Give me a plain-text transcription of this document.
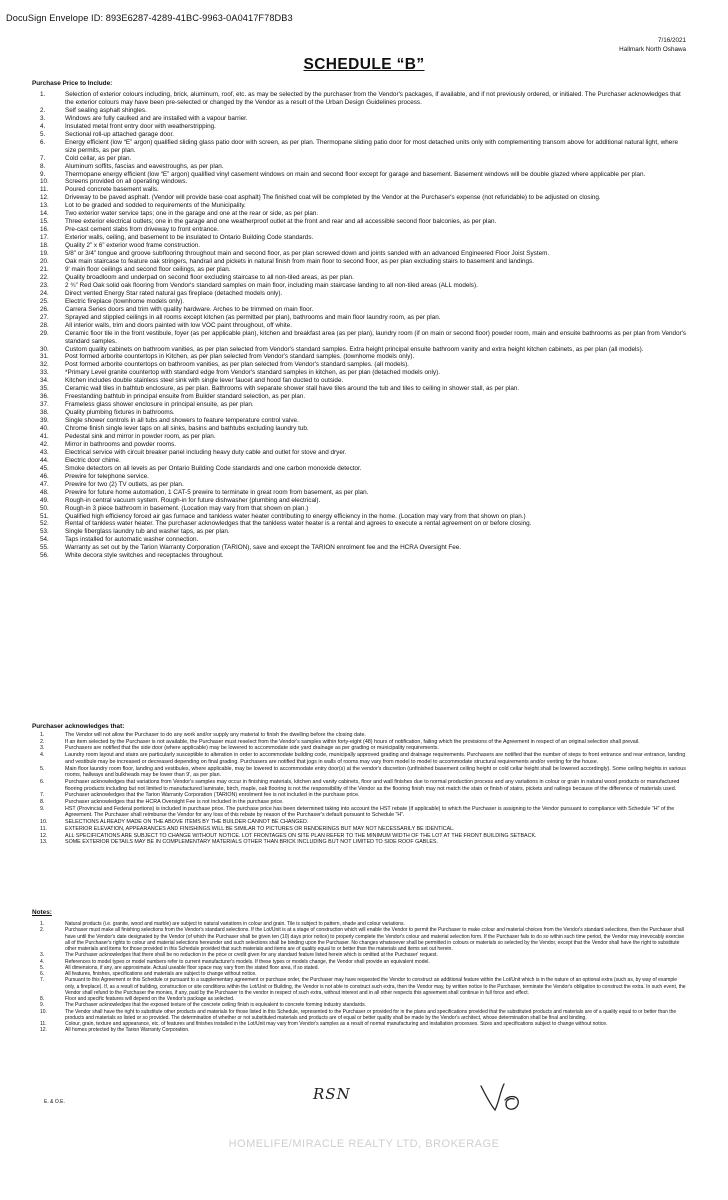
DocuSign Envelope ID: 893E6287-4289-41BC-9963-0A0417F78DB3
7/16/2021
Hallmark North Oshawa
SCHEDULE “B”
Purchase Price to Include:
1.	Selection of exterior colours including, brick, aluminum, roof, etc. as may be selected by the purchaser from the Vendor's packages, if available, and if not previously ordered, or initialed. The Purchaser acknowledges that the exterior colours may have been pre-selected or changed by the Vendor as a result of the Urban Design Guidelines process.
2.	Self sealing asphalt shingles.
3.	Windows are fully caulked and are installed with a vapour barrier.
4.	Insulated metal front entry door with weatherstripping.
5.	Sectional roll-up attached garage door.
6.	Energy efficient (low “E” argon) qualified sliding glass patio door with screen, as per plan. Thermopane sliding patio door for most detached units only with complementing transom above for additional natural light, where size permits, as per plan.
7.	Cold cellar, as per plan.
8.	Aluminum soffits, fascias and eavestroughs, as per plan.
9.	Thermopane energy efficient (low “E” argon) qualified vinyl casement windows on main and second floor except for garage and basement. Basement windows will be double glazed where applicable per plan.
10.	Screens provided on all operating windows.
11.	Poured concrete basement walls.
12.	Driveway to be paved asphalt. (Vendor will provide base coat asphalt) The finished coat will be completed by the Vendor at the Purchaser's expense (not refundable) to be adjusted on closing.
13.	Lot to be graded and sodded to requirements of the Municipality.
14.	Two exterior water service taps; one in the garage and one at the rear or side, as per plan.
15.	Three exterior electrical outlets; one in the garage and one weatherproof outlet at the front and rear and all accessible second floor balconies, as per plan.
16.	Pre-cast cement slabs from driveway to front entrance.
17.	Exterior walls, ceiling, and basement to be insulated to Ontario Building Code standards.
18.	Quality 2” x 6” exterior wood frame construction.
19.	5/8” or 3/4” tongue and groove subflooring throughout main and second floor, as per plan screwed down and joints sanded with an advanced Engineered Floor Joist System.
20.	Oak main staircase to feature oak stringers, handrail and pickets in natural finish from main floor to second floor, as per plan excluding stairs to basement and landings.
21.	9' main floor ceilings and second floor ceilings, as per plan.
22.	Quality broadloom and underpad on second floor excluding staircase to all non-tiled areas, as per plan.
23.	2 ¾” Red Oak solid oak flooring from Vendor's standard samples on main floor, including main staircase landing to all non-tiled areas (ALL models).
24.	Direct vented Energy Star rated natural gas fireplace (detached models only).
25.	Electric fireplace (townhome models only).
26.	Carrera Series doors and trim with quality hardware. Arches to be trimmed on main floor.
27.	Sprayed and stippled ceilings in all rooms except kitchen (as permitted per plan), bathrooms and main floor laundry room, as per plan.
28.	All interior walls, trim and doors painted with low VOC paint throughout, off white.
29.	Ceramic floor tile in the front vestibule, foyer (as per applicable plan), kitchen and breakfast area (as per plan), laundry room (if on main or second floor) powder room, main and ensuite bathrooms as per plan from Vendor's standard samples.
30.	Custom quality cabinets on bathroom vanities, as per plan selected from Vendor's standard samples. Extra height principal ensuite bathroom vanity and extra height kitchen cabinets, as per plan (all models).
31.	Post formed arborite countertops in Kitchen, as per plan selected from Vendor's standard samples. (townhome models only).
32.	Post formed arborite countertops on bathroom vanities, as per plan selected from Vendor's standard samples. (all models).
33.	*Primary Level granite countertop with standard edge from Vendor's standard samples in kitchen, as per plan (detached models only).
34.	Kitchen includes double stainless steel sink with single lever faucet and hood fan ducted to outside.
35.	Ceramic wall tiles in bathtub enclosure, as per plan. Bathrooms with separate shower stall have tiles around the tub and tiles to ceiling in shower stall, as per plan.
36.	Freestanding bathtub in principal ensuite from Builder standard selection, as per plan.
37.	Frameless glass shower enclosure in principal ensuite, as per plan.
38.	Quality plumbing fixtures in bathrooms.
39.	Single shower controls in all tubs and showers to feature temperature control valve.
40.	Chrome finish single lever taps on all sinks, basins and bathtubs excluding laundry tub.
41.	Pedestal sink and mirror in powder room, as per plan.
42.	Mirror in bathrooms and powder rooms.
43.	Electrical service with circuit breaker panel including heavy duty cable and outlet for stove and dryer.
44.	Electric door chime.
45.	Smoke detectors on all levels as per Ontario Building Code standards and one carbon monoxide detector.
46.	Prewire for telephone service.
47.	Prewire for two (2) TV outlets, as per plan.
48.	Prewire for future home automation, 1 CAT-5 prewire to terminate in great room from basement, as per plan.
49.	Rough-in central vacuum system. Rough-in for future dishwasher (plumbing and electrical).
50.	Rough-in 3 piece bathroom in basement. (Location may vary from that shown on plan.)
51.	Qualified high efficiency forced air gas furnace and tankless water heater contributing to energy efficiency in the home. (Location may vary from that shown on plan.)
52.	Rental of tankless water heater. The purchaser acknowledges that the tankless water heater is a rental and agrees to execute a rental agreement on or before closing.
53.	Single fiberglass laundry tub and washer taps, as per plan.
54.	Taps installed for automatic washer connection.
55.	Warranty as set out by the Tarion Warranty Corporation (TARION), save and except the TARION enrolment fee and the HCRA Oversight Fee.
56.	White decora style switches and receptacles throughout.
Purchaser acknowledges that:
1.	The Vendor will not allow the Purchaser to do any work and/or supply any material to finish the dwelling before the closing date.
2.	If an item selected by the Purchaser is not available, the Purchaser must reselect from the Vendor's samples within forty-eight (48) hours of notification, failing which the provisions of the Agreement in respect of an original selection shall prevail.
3.	Purchasers are notified that the side door (where applicable) may be lowered to accommodate side yard drainage as per grading or municipality requirements.
4.	Laundry room layout and stairs are particularly susceptible to alteration in order to accommodate building code, municipally approved grading and drainage requirements. Purchasers are notified that the number of steps to front entrance and rear entrance, landing and vestibule may be increased or decreased depending on final grading. Purchasers are notified that jogs in walls of rooms may vary from model to model to accommodate structural requirements and/or venting for the house.
5.	Main floor laundry room floor, landing and vestibules, where applicable, may be lowered to accommodate entry door(s) at the vendor's discretion (unfinished basement ceiling height or cold cellar height shall be lowered accordingly). Some ceiling heights in various rooms, hallways and bulkheads may be lower than 9', as per plan.
6.	Purchaser acknowledges that variations from Vendor's samples may occur in finishing materials, kitchen and vanity cabinets, floor and wall finishes due to normal production process and any variations in colour or grain in natural wood products or manufactured flooring products including but not limited to manufactured laminate, birch, maple, oak flooring is not the responsibility of the Vendor as the flooring finish may not match the stain or finish of stairs, pickets and railings because of the difference of materials used.
7.	Purchaser acknowledges that the Tarion Warranty Corporation (TARION) enrolment fee is not included in the purchase price.
8.	Purchaser acknowledges that the HCRA Oversight Fee is not included in the purchase price.
9.	HST (Provincial and Federal portions) is included in purchase price. The purchase price has been determined taking into account the HST rebate (if applicable) to which the Purchaser is assigning to the Vendor pursuant to compliance with Schedule “H” of the Agreement. The Purchaser shall reimburse the Vendor for any loss of this rebate by reason of the Purchaser's default pursuant to Schedule “H”.
10.	SELECTIONS ALREADY MADE ON THE ABOVE ITEMS BY THE BUILDER CANNOT BE CHANGED.
11.	EXTERIOR ELEVATION, APPEARANCES AND FINISHINGS WILL BE SIMILAR TO PICTURES OR RENDERINGS BUT MAY NOT NECESSARILY BE IDENTICAL.
12.	ALL SPECIFICATIONS ARE SUBJECT TO CHANGE WITHOUT NOTICE. LOT FRONTAGES ON SITE PLAN REFER TO THE MINIMUM WIDTH OF THE LOT AT THE FRONT BUILDING SETBACK.
13.	SOME EXTERIOR DETAILS MAY BE IN COMPLEMENTARY MATERIALS OTHER THAN BRICK INCLUDING BUT NOT LIMITED TO SIDE ROOF GABLES.
Notes:
1.	Natural products (i.e. granite, wood and marble) are subject to natural variations in colour and grain. Tile is subject to pattern, shade and colour variations.
2.	Purchaser must make all finishing selections from the Vendor's standard selections. If the Lot/Unit is at a stage of construction which will enable the Vendor to permit the Purchaser to make colour and material choices from the Vendor's standard selections, then the Purchaser shall have until the Vendor's date designated by the Vendor (of which the Purchaser shall be given ten (10) days prior notice) to properly complete the Vendor's colour and material selection form. If the Purchaser fails to do so within such time period, the Vendor may irrevocably exercise all of the Purchaser's rights to colour and material selections hereunder and such selections shall be binding upon the Purchaser. No changes whatsoever shall be permitted in colours or materials so selected by the Vendor, except that the Vendor shall have the right to substitute other materials and items for those provided in this Schedule provided that such materials and items are of quality equal to or better than the materials and items set out herein.
3.	The Purchaser acknowledges that there shall be no reduction in the price or credit given for any standard feature listed herein which is omitted at the Purchaser' request.
4.	References to model types or model numbers refer to current manufacturer's models. If these types or models change, the Vendor shall provide an equivalent model.
5.	All dimensions, if any, are approximate. Actual useable floor space may vary from the stated floor area, if so stated.
6.	All features, finishes, specifications and materials are subject to change without notice.
7.	Pursuant to this Agreement or this Schedule or pursuant to a supplementary agreement or purchase order, the Purchaser may have requested the Vendor to construct an additional feature within the Lot/Unit which is in the nature of an optional extra (such as, by way of example only, a fireplace). If, as a result of building, construction or site conditions within the Lot/Unit or Building, the Vendor is not able to construct such extra, then the Vendor may, by written notice to the Purchaser, terminate the Vendor's obligation to construct the extra. In such event, the Vendor shall refund to the Purchaser the monies, if any, paid by the Purchaser to the vendor in respect of such extra, without interest and in all other respects this agreement shall continue in full force and effect.
8.	Floor and specific features will depend on the Vendor's package as selected.
9.	The Purchaser acknowledges that the exposed texture of the concrete ceiling finish is equivalent to concrete forming industry standards.
10.	The Vendor shall have the right to substitute other products and materials for those listed in this Schedule, represented to the Purchaser or provided for in the plans and specifications provided that the substituted products and materials are of a quality equal to or better than the products and materials so listed or so provided. The determination of whether or not substituted materials and products are of equal or better quality shall be made by the Vendor's architect, whose determination shall be final and binding.
11.	Colour, grain, texture and appearance, etc. of features and finishes installed in the Lot/Unit may vary from Vendor's samples as a result of normal manufacturing and installation processes. Sizes and specifications subject to change without notice.
12.	All homes protected by the Tarion Warranty Corporation.
E. & O.E.	RSN
HOMELIFE/MIRACLE REALTY LTD, BROKERAGE
